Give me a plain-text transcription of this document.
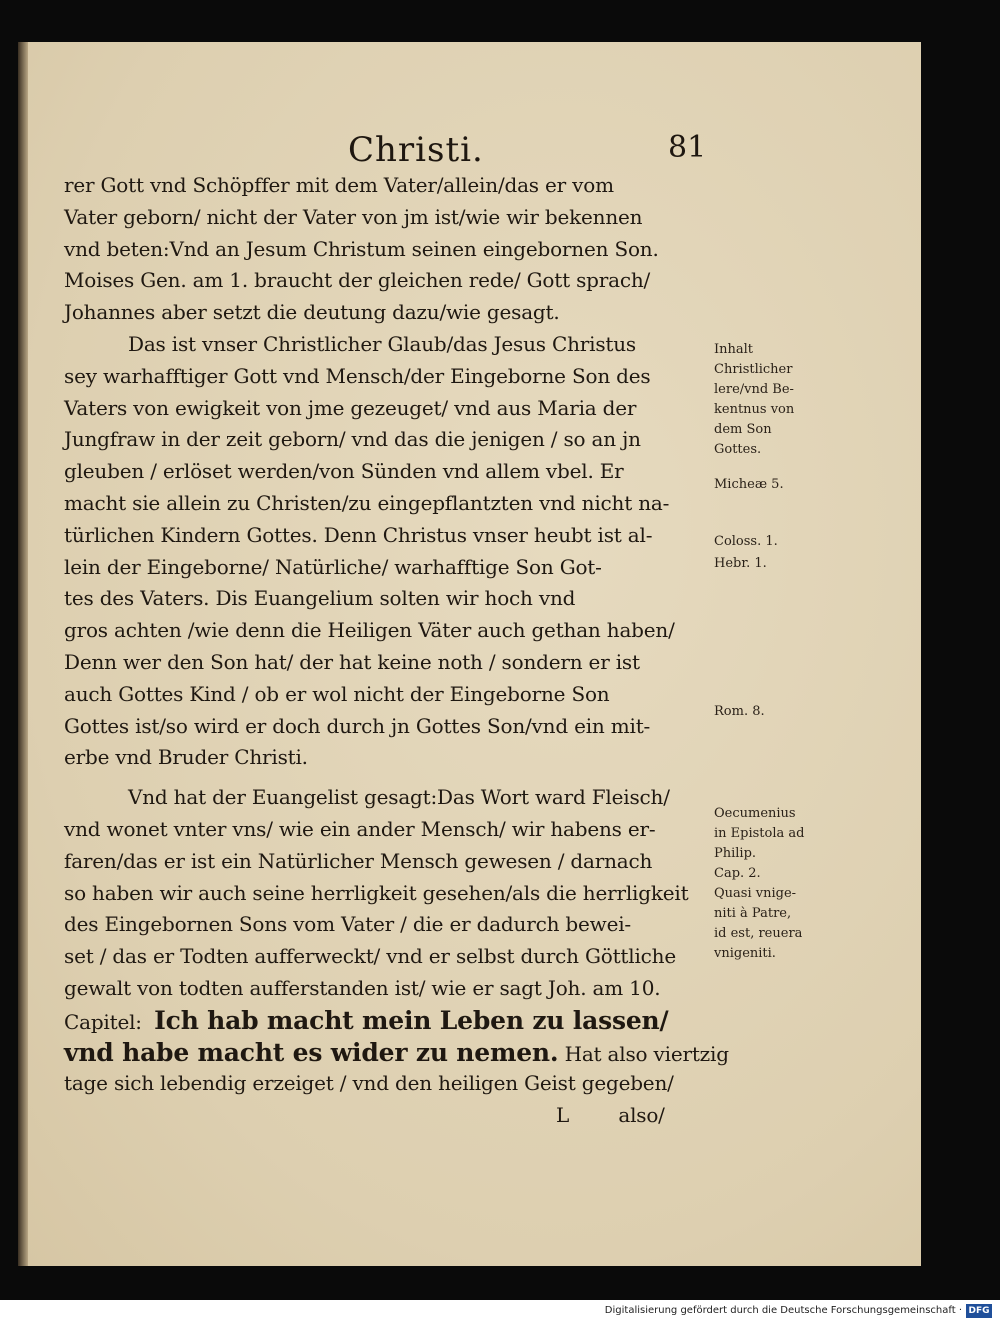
Christi.	81
rer Gott vnd Schöpffer mit dem Vater/allein/das er vom
Vater geborn/ nicht der Vater von jm ist/wie wir bekennen
vnd beten:Vnd an Jesum Christum seinen eingebornen Son.
Moises Gen. am 1. braucht der gleichen rede/ Gott sprach/
Johannes aber setzt die deutung dazu/wie gesagt.
Das ist vnser Christlicher Glaub/das Jesus Christus
sey warhafftiger Gott vnd Mensch/der Eingeborne Son des
Vaters von ewigkeit von jme gezeuget/ vnd aus Maria der
Jungfraw in der zeit geborn/ vnd das die jenigen / so an jn
gleuben / erlöset werden/von Sünden vnd allem vbel. Er
macht sie allein zu Christen/zu eingepflantzten vnd nicht na-
türlichen Kindern Gottes. Denn Christus vnser heubt ist al-
lein der Eingeborne/ Natürliche/ warhafftige Son Got-
tes des Vaters. Dis Euangelium solten wir hoch vnd
gros achten /wie denn die Heiligen Väter auch gethan haben/
Denn wer den Son hat/ der hat keine noth / sondern er ist
auch Gottes Kind / ob er wol nicht der Eingeborne Son
Gottes ist/so wird er doch durch jn Gottes Son/vnd ein mit-
erbe vnd Bruder Christi.
Vnd hat der Euangelist gesagt:Das Wort ward Fleisch/
vnd wonet vnter vns/ wie ein ander Mensch/ wir habens er-
faren/das er ist ein Natürlicher Mensch gewesen / darnach
so haben wir auch seine herrligkeit gesehen/als die herrligkeit
des Eingebornen Sons vom Vater / die er dadurch bewei-
set / das er Todten aufferweckt/ vnd er selbst durch Göttliche
gewalt von todten aufferstanden ist/ wie er sagt Joh. am 10.
Capitel: Ich hab macht mein Leben zu lassen/
vnd habe macht es wider zu nemen. Hat also viertzig
tage sich lebendig erzeiget / vnd den heiligen Geist gegeben/
L also/
Inhalt
Christlicher
lere/vnd Be-
kentnus von
dem Son
Gottes.
Micheæ 5.
Coloss. 1.
Hebr. 1.
Rom. 8.
Oecumenius
in Epistola ad
Philip.
Cap. 2.
Quasi vnige-
niti à Patre,
id est, reuera
vnigeniti.
Digitalisierung gefördert durch die Deutsche Forschungsgemeinschaft · DFG
